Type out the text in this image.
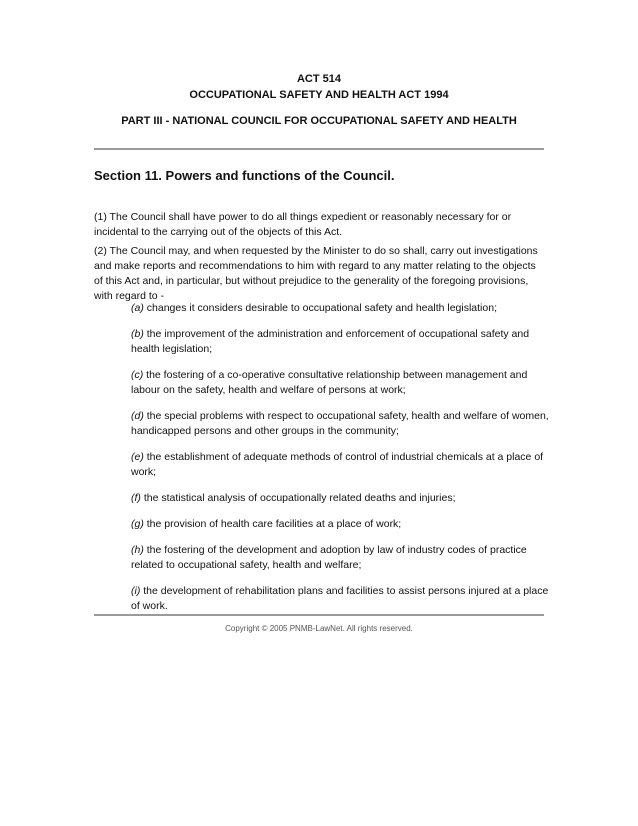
ACT 514
OCCUPATIONAL SAFETY AND HEALTH ACT 1994
PART III - NATIONAL COUNCIL FOR OCCUPATIONAL SAFETY AND HEALTH
Section 11. Powers and functions of the Council.
(1) The Council shall have power to do all things expedient or reasonably necessary for or incidental to the carrying out of the objects of this Act.
(2) The Council may, and when requested by the Minister to do so shall, carry out investigations and make reports and recommendations to him with regard to any matter relating to the objects of this Act and, in particular, but without prejudice to the generality of the foregoing provisions, with regard to -
(a) changes it considers desirable to occupational safety and health legislation;
(b) the improvement of the administration and enforcement of occupational safety and health legislation;
(c) the fostering of a co-operative consultative relationship between management and labour on the safety, health and welfare of persons at work;
(d) the special problems with respect to occupational safety, health and welfare of women, handicapped persons and other groups in the community;
(e) the establishment of adequate methods of control of industrial chemicals at a place of work;
(f) the statistical analysis of occupationally related deaths and injuries;
(g) the provision of health care facilities at a place of work;
(h) the fostering of the development and adoption by law of industry codes of practice related to occupational safety, health and welfare;
(i) the development of rehabilitation plans and facilities to assist persons injured at a place of work.
Copyright © 2005 PNMB-LawNet. All rights reserved.
